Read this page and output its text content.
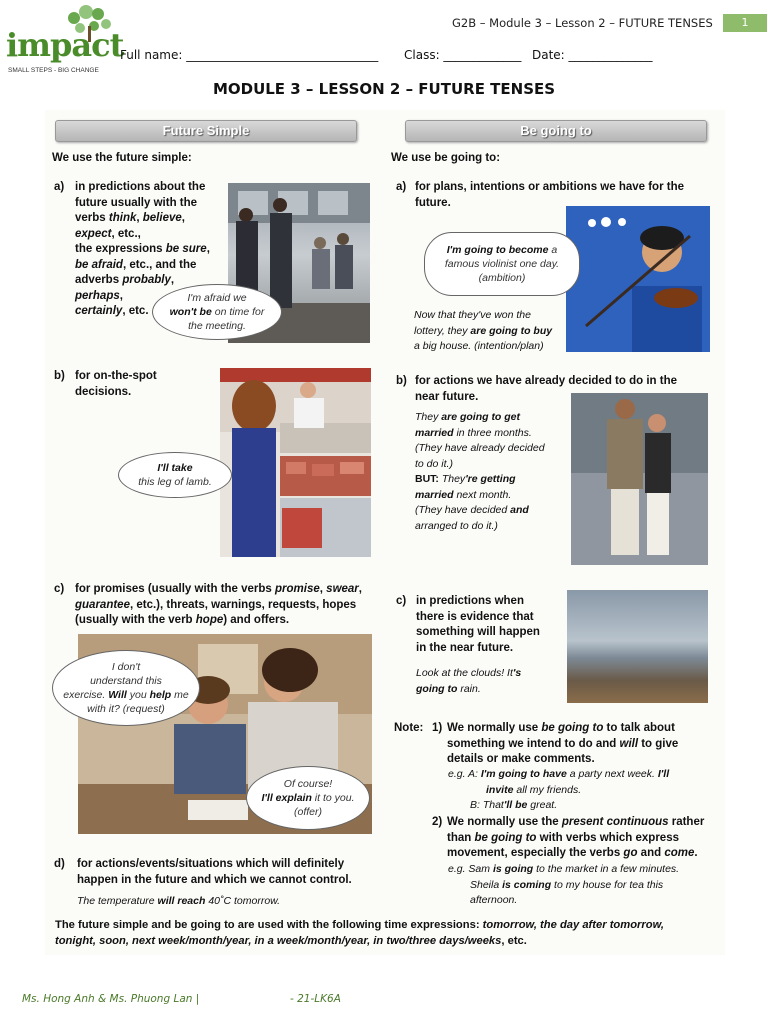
impact
SMALL STEPS - BIG CHANGE
G2B – Module 3 – Lesson 2 – FUTURE TENSES	1
Full name: ________________________________ Class: _____________ Date: ______________
MODULE 3 – LESSON 2 – FUTURE TENSES
Future Simple	Be going to
We use the future simple:	We use be going to:
a) in predictions about the
future usually with the
verbs think, believe,
expect, etc.,
the expressions be sure,
be afraid, etc., and the
adverbs probably,
perhaps,
certainly, etc.
I'm afraid we
won't be on time for
the meeting.
b) for on-the-spot
decisions.
I'll take
this leg of lamb.
c) for promises (usually with the verbs promise, swear,
guarantee, etc.), threats, warnings, requests, hopes
(usually with the verb hope) and offers.
I don't
understand this
exercise. Will you help me
with it? (request)
Of course!
I'll explain it to you.
(offer)
d) for actions/events/situations which will definitely
happen in the future and which we cannot control.
The temperature will reach 40˚C tomorrow.
a) for plans, intentions or ambitions we have for the
future.
I'm going to become a
famous violinist one day.
(ambition)
Now that they've won the
lottery, they are going to buy
a big house. (intention/plan)
b) for actions we have already decided to do in the
near future.
They are going to get
married in three months.
(They have already decided
to do it.)
BUT: They're getting
married next month.
(They have decided and
arranged to do it.)
c) in predictions when
there is evidence that
something will happen
in the near future.
Look at the clouds! It's
going to rain.
Note: 1) We normally use be going to to talk about
something we intend to do and will to give
details or make comments.
e.g. A: I'm going to have a party next week. I'll
invite all my friends.
B: That'll be great.
2) We normally use the present continuous rather
than be going to with verbs which express
movement, especially the verbs go and come.
e.g. Sam is going to the market in a few minutes.
Sheila is coming to my house for tea this
afternoon.
The future simple and be going to are used with the following time expressions: tomorrow, the day after tomorrow,
tonight, soon, next week/month/year, in a week/month/year, in two/three days/weeks, etc.
Ms. Hong Anh & Ms. Phuong Lan |	- 21-LK6A
